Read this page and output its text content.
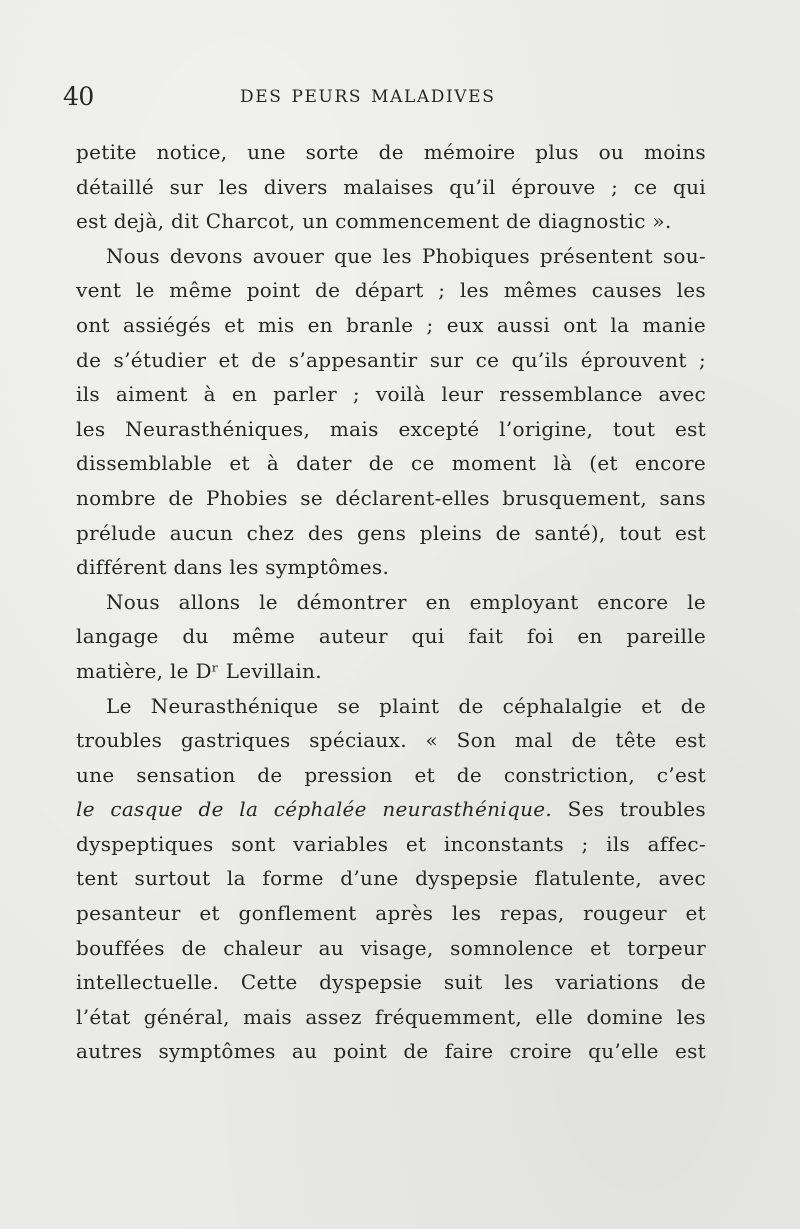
40	DES PEURS MALADIVES
petite notice, une sorte de mémoire plus ou moins
détaillé sur les divers malaises qu’il éprouve ; ce qui
est dejà, dit Charcot, un commencement de diagnostic ».
Nous devons avouer que les Phobiques présentent sou-
vent le même point de départ ; les mêmes causes les
ont assiégés et mis en branle ; eux aussi ont la manie
de s’étudier et de s’appesantir sur ce qu’ils éprouvent ;
ils aiment à en parler ; voilà leur ressemblance avec
les Neurasthéniques, mais excepté l’origine, tout est
dissemblable et à dater de ce moment là (et encore
nombre de Phobies se déclarent-elles brusquement, sans
prélude aucun chez des gens pleins de santé), tout est
différent dans les symptômes.
Nous allons le démontrer en employant encore le
langage du même auteur qui fait foi en pareille
matière, le Dʳ Levillain.
Le Neurasthénique se plaint de céphalalgie et de
troubles gastriques spéciaux. « Son mal de tête est
une sensation de pression et de constriction, c’est
le casque de la céphalée neurasthénique. Ses troubles
dyspeptiques sont variables et inconstants ; ils affec-
tent surtout la forme d’une dyspepsie flatulente, avec
pesanteur et gonflement après les repas, rougeur et
bouffées de chaleur au visage, somnolence et torpeur
intellectuelle. Cette dyspepsie suit les variations de
l’état général, mais assez fréquemment, elle domine les
autres symptômes au point de faire croire qu’elle est
